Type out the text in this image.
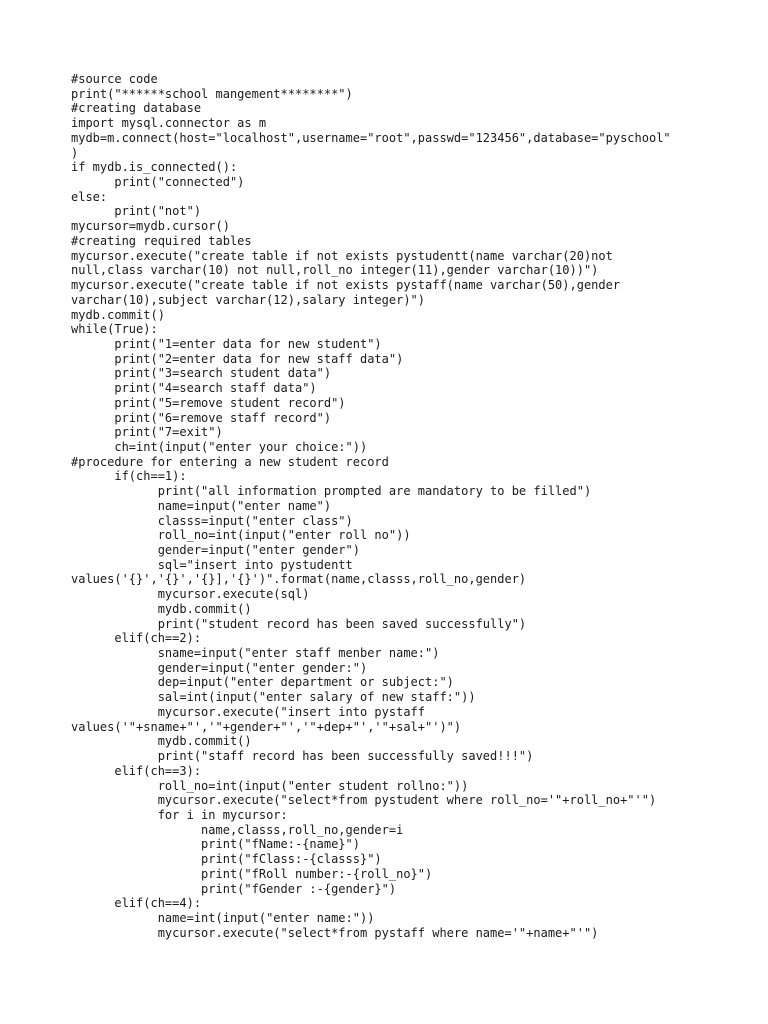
#source code
print("******school mangement********")
#creating database
import mysql.connector as m
mydb=m.connect(host="localhost",username="root",passwd="123456",database="pyschool"
)
if mydb.is_connected():
print("connected")
else:
print("not")
mycursor=mydb.cursor()
#creating required tables
mycursor.execute("create table if not exists pystudentt(name varchar(20)not
null,class varchar(10) not null,roll_no integer(11),gender varchar(10))")
mycursor.execute("create table if not exists pystaff(name varchar(50),gender
varchar(10),subject varchar(12),salary integer)")
mydb.commit()
while(True):
print("1=enter data for new student")
print("2=enter data for new staff data")
print("3=search student data")
print("4=search staff data")
print("5=remove student record")
print("6=remove staff record")
print("7=exit")
ch=int(input("enter your choice:"))
#procedure for entering a new student record
if(ch==1):
print("all information prompted are mandatory to be filled")
name=input("enter name")
classs=input("enter class")
roll_no=int(input("enter roll no"))
gender=input("enter gender")
sql="insert into pystudentt
values('{}','{}','{}],'{}')".format(name,classs,roll_no,gender)
mycursor.execute(sql)
mydb.commit()
print("student record has been saved successfully")
elif(ch==2):
sname=input("enter staff menber name:")
gender=input("enter gender:")
dep=input("enter department or subject:")
sal=int(input("enter salary of new staff:"))
mycursor.execute("insert into pystaff
values('"+sname+"','"+gender+"','"+dep+"','"+sal+"')")
mydb.commit()
print("staff record has been successfully saved!!!")
elif(ch==3):
roll_no=int(input("enter student rollno:"))
mycursor.execute("select*from pystudent where roll_no='"+roll_no+"'")
for i in mycursor:
name,classs,roll_no,gender=i
print("fName:-{name}")
print("fClass:-{classs}")
print("fRoll number:-{roll_no}")
print("fGender :-{gender}")
elif(ch==4):
name=int(input("enter name:"))
mycursor.execute("select*from pystaff where name='"+name+"'")
